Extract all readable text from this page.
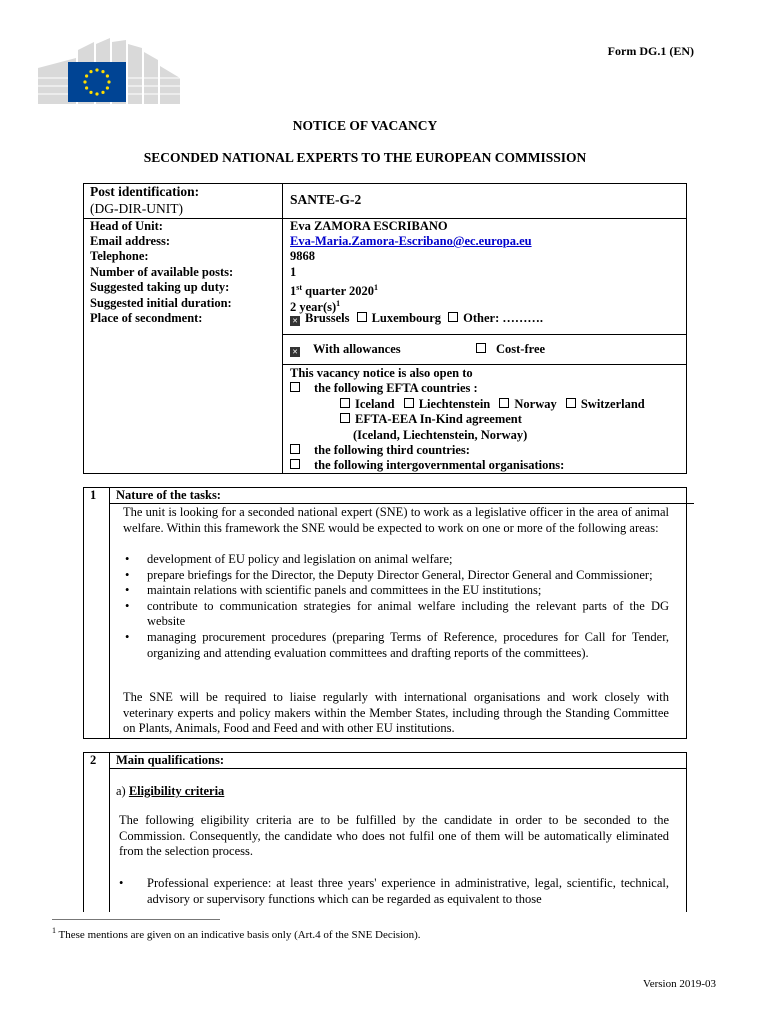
Form DG.1 (EN)
NOTICE OF VACANCY
SECONDED NATIONAL EXPERTS TO THE EUROPEAN COMMISSION
Post identification:
(DG-DIR-UNIT)
SANTE-G-2
Head of Unit:
Email address:
Telephone:
Number of available posts:
Suggested taking up duty:
Suggested initial duration:
Place of secondment:
Eva ZAMORA ESCRIBANO
Eva-Maria.Zamora-Escribano@ec.europa.eu
9868
1
1st quarter 2020$^1$
2 $year(s)^1$
✕ Brussels Luxembourg Other: ……….
✕ With allowances	Cost-free
This vacancy notice is also open to
the following EFTA countries :
Iceland Liechtenstein Norway Switzerland
EFTA-EEA In-Kind agreement
(Iceland, Liechtenstein, Norway)
the following third countries:
the following intergovernmental organisations:
1 Nature of the tasks:
The unit is looking for a seconded national expert (SNE) to work as a legislative officer in the area of animal welfare. Within this framework the SNE would be expected to work on one or more of the following areas:
• development of EU policy and legislation on animal welfare;
• prepare briefings for the Director, the Deputy Director General, Director General and Commissioner;
• maintain relations with scientific panels and committees in the EU institutions;
• contribute to communication strategies for animal welfare including the relevant parts of the DG website
• managing procurement procedures (preparing Terms of Reference, procedures for Call for Tender, organizing and attending evaluation committees and drafting reports of the committees).
The SNE will be required to liaise regularly with international organisations and work closely with veterinary experts and policy makers within the Member States, including through the Standing Committee on Plants, Animals, Food and Feed and with other EU institutions.
2 Main qualifications:
a) Eligibility criteria
The following eligibility criteria are to be fulfilled by the candidate in order to be seconded to the Commission. Consequently, the candidate who does not fulfil one of them will be automatically eliminated from the selection process.
• Professional experience: at least three years' experience in administrative, legal, scientific, technical, advisory or supervisory functions which can be regarded as equivalent to those
$^1$ These mentions are given on an indicative basis only (Art.4 of the SNE Decision).
Version 2019-03
